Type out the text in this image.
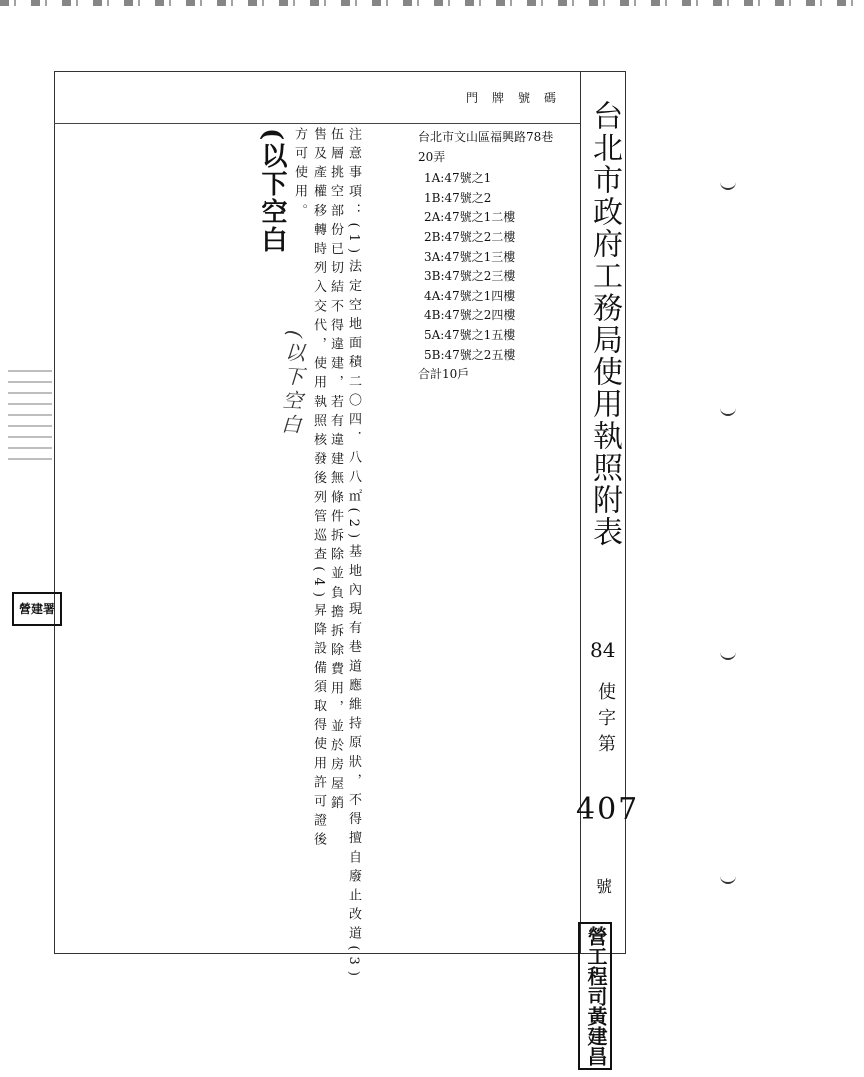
門牌號碼
台北市政府工務局使用執照附表
84
使字第
407
號
營工程司黃建昌
台北市文山區福興路78巷
20弄
1A:47號之1
1B:47號之2
2A:47號之1二樓
2B:47號之2二樓
3A:47號之1三樓
3B:47號之2三樓
4A:47號之1四樓
4B:47號之2四樓
5A:47號之1五樓
5B:47號之2五樓
合計10戶
注意事項：(1)法定空地面積二〇四．八八㎡(2)基地內現有巷道應維持原狀，不得擅自廢止改道(3)
伍層挑空部份已切結不得違建，若有違建無條件拆除並負擔拆除費用，並於房屋銷
售及產權移轉時列入交代，使用執照核發後列管巡查(4)昇降設備須取得使用許可證後
方可使用。
(以下空白
(以下空白
營建署
